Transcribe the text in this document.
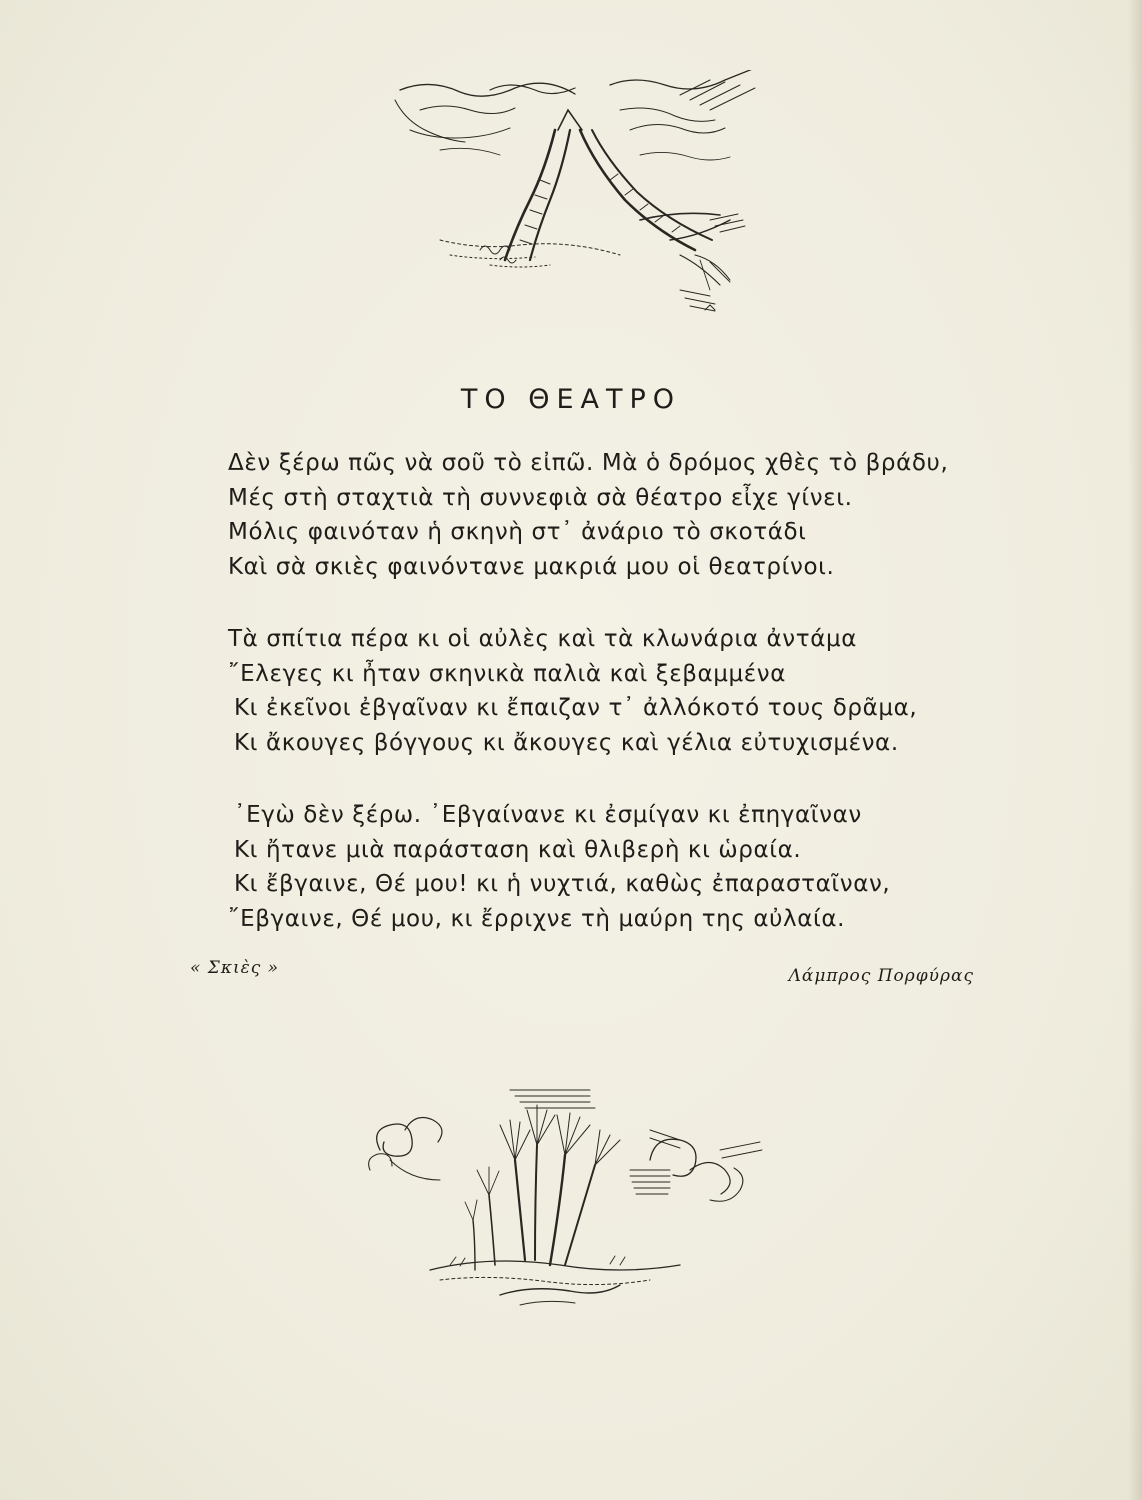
ΤΟ ΘΕΑΤΡΟ
Δὲν ξέρω πῶς νὰ σοῦ τὸ εἰπῶ. Μὰ ὁ δρόμος χθὲς τὸ βράδυ,
Μές στὴ σταχτιὰ τὴ συννεφιὰ σὰ θέατρο εἶχε γίνει.
Μόλις φαινόταν ἡ σκηνὴ στ᾿ ἀνάριο τὸ σκοτάδι
Καὶ σὰ σκιὲς φαινόντανε μακριά μου οἱ θεατρίνοι.
Τὰ σπίτια πέρα κι οἱ αὐλὲς καὶ τὰ κλωνάρια ἀντάμα
῎Ελεγες κι ἦταν σκηνικὰ παλιὰ καὶ ξεβαμμένα
Κι ἐκεῖνοι ἐβγαῖναν κι ἔπαιζαν τ᾿ ἀλλόκοτό τους δρᾶμα,
Κι ἄκουγες βόγγους κι ἄκουγες καὶ γέλια εὐτυχισμένα.
᾿Εγὼ δὲν ξέρω. ᾿Εβγαίνανε κι ἐσμίγαν κι ἐπηγαῖναν
Κι ἤτανε μιὰ παράσταση καὶ θλιβερὴ κι ὡραία.
Κι ἔβγαινε, Θέ μου! κι ἡ νυχτιά, καθὼς ἐπαρασταῖναν,
῎Εβγαινε, Θέ μου, κι ἔρριχνε τὴ μαύρη της αὐλαία.
« Σκιὲς »	Λάμπρος Πορφύρας
